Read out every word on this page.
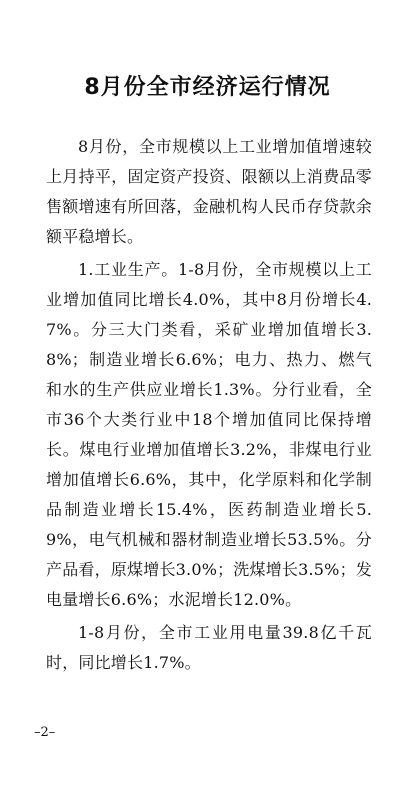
8月份全市经济运行情况

8月份，全市规模以上工业增加值增速较上月持平，固定资产投资、限额以上消费品零售额增速有所回落，金融机构人民币存贷款余额平稳增长。

1.工业生产。1-8月份，全市规模以上工业增加值同比增长4.0%，其中8月份增长4.7%。分三大门类看，采矿业增加值增长3.8%；制造业增长6.6%；电力、热力、燃气和水的生产供应业增长1.3%。分行业看，全市36个大类行业中18个增加值同比保持增长。煤电行业增加值增长3.2%，非煤电行业增加值增长6.6%，其中，化学原料和化学制品制造业增长15.4%，医药制造业增长5.9%，电气机械和器材制造业增长53.5%。分产品看，原煤增长3.0%；洗煤增长3.5%；发电量增长6.6%；水泥增长12.0%。

1-8月份，全市工业用电量39.8亿千瓦时，同比增长1.7%。

–2–
